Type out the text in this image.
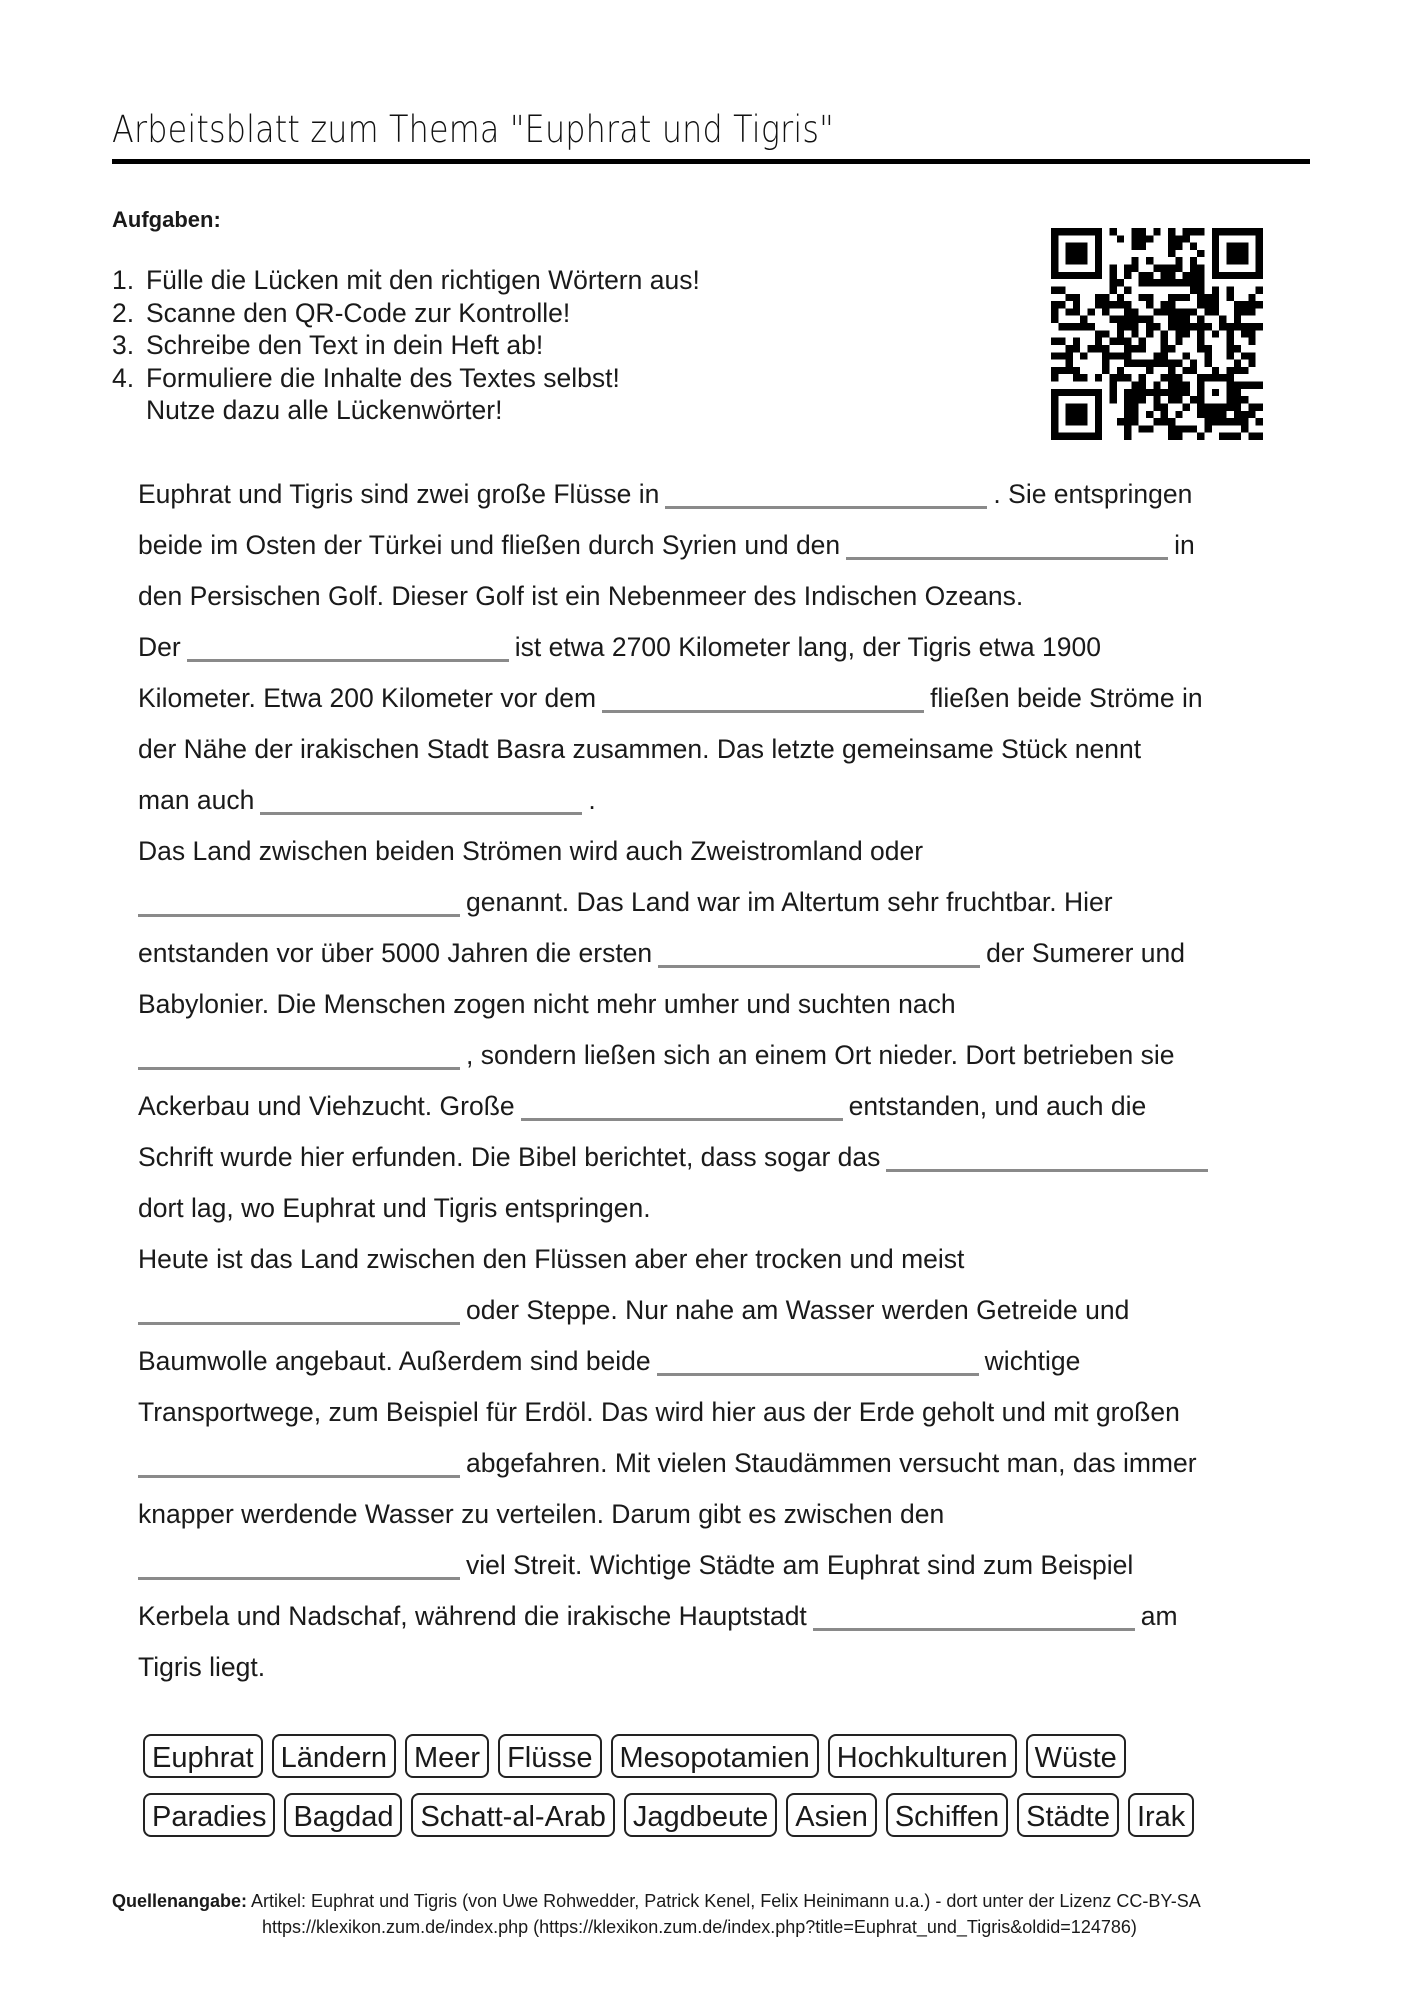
Arbeitsblatt zum Thema "Euphrat und Tigris"
Aufgaben:
1. Fülle die Lücken mit den richtigen Wörtern aus!
2. Scanne den QR-Code zur Kontrolle!
3. Schreibe den Text in dein Heft ab!
4. Formuliere die Inhalte des Textes selbst!
Nutze dazu alle Lückenwörter!
Euphrat und Tigris sind zwei große Flüsse in	. Sie entspringen
beide im Osten der Türkei und fließen durch Syrien und den	in
den Persischen Golf. Dieser Golf ist ein Nebenmeer des Indischen Ozeans.
Der	ist etwa 2700 Kilometer lang, der Tigris etwa 1900
Kilometer. Etwa 200 Kilometer vor dem	fließen beide Ströme in
der Nähe der irakischen Stadt Basra zusammen. Das letzte gemeinsame Stück nennt
man auch	.
Das Land zwischen beiden Strömen wird auch Zweistromland oder
genannt. Das Land war im Altertum sehr fruchtbar. Hier
entstanden vor über 5000 Jahren die ersten	der Sumerer und
Babylonier. Die Menschen zogen nicht mehr umher und suchten nach
, sondern ließen sich an einem Ort nieder. Dort betrieben sie
Ackerbau und Viehzucht. Große	entstanden, und auch die
Schrift wurde hier erfunden. Die Bibel berichtet, dass sogar das
dort lag, wo Euphrat und Tigris entspringen.
Heute ist das Land zwischen den Flüssen aber eher trocken und meist
oder Steppe. Nur nahe am Wasser werden Getreide und
Baumwolle angebaut. Außerdem sind beide	wichtige
Transportwege, zum Beispiel für Erdöl. Das wird hier aus der Erde geholt und mit großen
abgefahren. Mit vielen Staudämmen versucht man, das immer
knapper werdende Wasser zu verteilen. Darum gibt es zwischen den
viel Streit. Wichtige Städte am Euphrat sind zum Beispiel
Kerbela und Nadschaf, während die irakische Hauptstadt	am
Tigris liegt.
Euphrat Ländern Meer Flüsse Mesopotamien Hochkulturen Wüste
Paradies Bagdad Schatt-al-Arab Jagdbeute Asien Schiffen Städte Irak
Quellenangabe: Artikel: Euphrat und Tigris (von Uwe Rohwedder, Patrick Kenel, Felix Heinimann u.a.) - dort unter der Lizenz CC-BY-SA
https://klexikon.zum.de/index.php (https://klexikon.zum.de/index.php?title=Euphrat_und_Tigris&oldid=124786)
